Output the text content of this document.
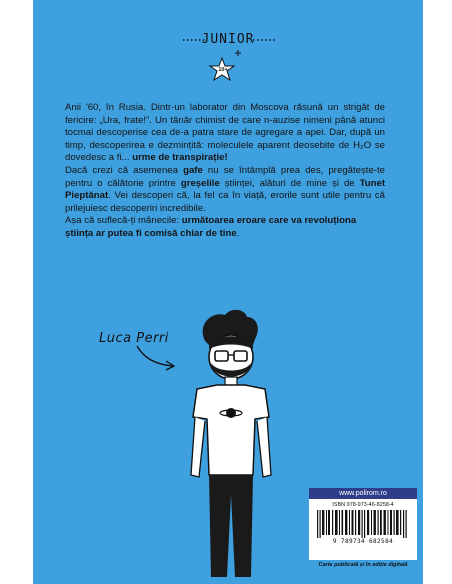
JUNIOR
10+

Anii '60, în Rusia. Dintr-un laborator din Moscova răsună un strigăt de fericire: „Ura, frate!”. Un tânăr chimist de care n-auzise nimeni până atunci tocmai descoperise cea de-a patra stare de agregare a apei. Dar, după un timp, descoperirea e dezmințită: moleculele aparent deosebite de H₂O se dovedesc a fi... urme de transpirație!

Dacă crezi că asemenea gafe nu se întâmplă prea des, pregătește-te pentru o călătorie printre greșelile științei, alături de mine și de Tunet Pieptănat. Vei descoperi că, la fel ca în viață, erorile sunt utile pentru că prilejuiesc descoperiri incredibile.

Așa că suflecă-ți mânecile: următoarea eroare care va revoluționa știința ar putea fi comisă chiar de tine.

Luca Perri
www.polirom.ro
ISBN 978-973-46-8258-4
9 789734 682584
Carte publicată și în ediție digitală
